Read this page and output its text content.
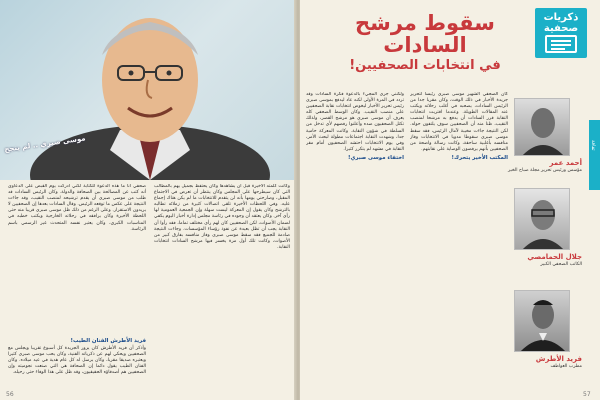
موسى صبري .. لم ينجح
وكانت كلمته الأخيرة قبل أن يشاهدها وكان يحتفظ بجميل يهم بالمطالب التي كان سيطرحها على المجلس وكان ينتظر أن تعرض في الاجتماع المقبل، وصارحني يومها بأنه لن يتقدم للانتخابات ما لم يكن هناك إجماع عليه. وفي اللحظات الأخيرة تلقى اتصالات كثيرة من زملائه تطالبه بالترشح وكان يقول إن المعركة ليست سهلة وإن الجمعية العمومية لها رأي آخر. وكان يعتقد أن وجوده في رئاسة مجلس إدارة أخبار اليوم يكفي لضمان الأصوات، لكن الصحفيين كان لهم رأي مختلف تماما، فقد رأوا أن النقابة يجب أن تظل بعيدة عن نفوذ رؤساء المؤسسات. وجاءت النتيجة صادمة للجميع فقد سقط موسى صبري وفاز منافسه بفارق كبير من الأصوات، وكانت تلك أول مرة يخسر فيها مرشح السادات انتخابات النقابة.
صحفي أنا ما هذه الدعوة للكتابة لكني أدركت يوم القبض على الدعاوى أنه كتب عن المصالحة بين الصحافة والدولة. وكان الرئيس السادات قد طلب من موسى صبري أن يقدم ترشيحه لمنصب النقيب، وقد جاءت النتيجة على عكس ما توقعه الرئيس. وقال السادات بعدها إن الصحفيين لا يريدون الاستقرار. وعلى الرغم من ذلك ظل موسى صبري قريبا منه حتى اللحظة الأخيرة وكان يرافقه في رحلاته الخارجية ويكتب خطبه في المناسبات الكبرى، وكان يعتبر نفسه المتحدث غير الرسمي باسم الرئاسة.
فريد الأطرش الفنان الطيب!
وأذكر أن فريد الأطرش كان يزور الجريدة كل أسبوع تقريبا ويجلس مع الصحفيين ويحكي لهم عن ذكرياته الفنية، وكان يحب موسى صبري كثيرا ويعتبره صديقا مقربا، وكان يرسل له كل عام هدية في عيد ميلاده. وكان الفنان الطيب يقول دائما إن الصحافة هي التي صنعت نجوميته وإن الصحفيين هم أصدقاؤه الحقيقيون، وقد ظل على هذا الوفاء حتى رحيله.
56
ذكريات
صحفية
ثقافة
سقوط مرشح
السادات
في انتخابات الصحفيين!
أحمد عمر
مؤسس ورئيس تحرير مجلة صباح الخير
جلال الحمامصي
الكاتب الصحفي الكبير
فريد الأطرش
مطرب العواطف
كان الصحفي الشهير موسى صبري رئيسا لتحرير جريدة الأخبار في ذلك الوقت، وكان مقربا جدا من الرئيس السادات، يصحبه في أغلب رحلاته ويكتب عنه المقالات الطويلة. وعندما اقتربت انتخابات النقابة قرر السادات أن يدفع به مرشحا لمنصب النقيب، ظنا منه أن الصحفيين سوف يلتفون حوله. لكن النتيجة جاءت مخيبة لآمال الرئيس، فقد سقط موسى صبري سقوطا مدويا في الانتخابات وفاز منافسه بأغلبية ساحقة، وكانت رسالة واضحة من الصحفيين بأنهم يرفضون الوصاية على نقابتهم.
المكتب الأخير يتحرك!
ولكنني جري المجيء بالدعوة فكرة السادات وقد تردد في المرة الأولى لكنه عاد ليدفع بموسى صبري رئيس تحرير الأخبار ليخوض انتخابات نقابة الصحفيين على منصب النقيب. وكان الوسط الصحفي كله يعرف أن موسى صبري هو مرشح القصر، ولذلك تكتل الصحفيون ضده وأعلنوا رفضهم لأي تدخل من السلطة في شؤون النقابة. وكانت المعركة حامية جدا، وشهدت النقابة اجتماعات مطولة لبحث الأمر، وفي يوم الانتخابات احتشد الصحفيون أمام مقر النقابة في مشهد لم يتكرر كثيرا.
اختفاء موسى صبري!
57
